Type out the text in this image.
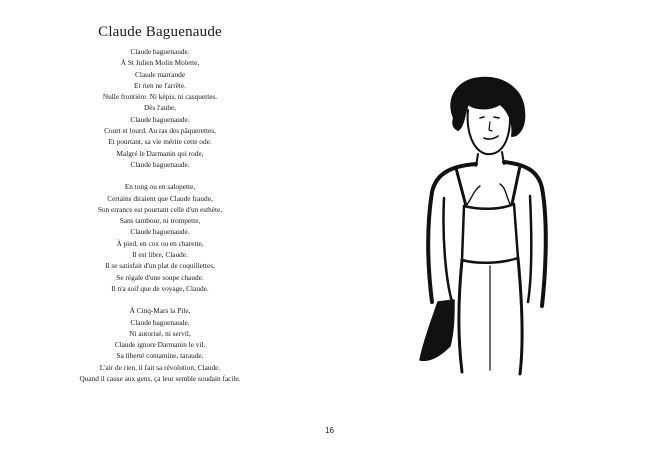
Claude Baguenaude
Claude baguenaude.
À St Julien Molin Molette,
Claude marraude
Et rien ne l'arrête.
Nulle frontière. Ni képis, ni casquettes.
Dès l'aube,
Claude baguenaude.
Court et lourd. Au ras des pâquerettes,
Et pourtant, sa vie mérite cette ode.
Malgré le Darmanin qui rode,
Claude baguenaude.
En tong ou en salopette,
Certains diraient que Claude fraude,
Son errance est pourtant celle d'un esthète.
Sans tambour, ni trompette,
Claude baguenaude.
À pied, en cox ou en charette,
Il est libre, Claude.
Il se satisfait d'un plat de coquillettes,
Se régale d'une soupe chaude.
Il n'a soif que de voyage, Claude.
À Cinq-Mars la Pile,
Claude baguenaude.
Ni autorisé, ni servil,
Claude ignore Darmanin le vil.
Sa liberté contamine, taraude,
L'air de rien, il fait sa révolution, Claude.
Quand il cause aux gens, ça leur semble soudain facile.
16
